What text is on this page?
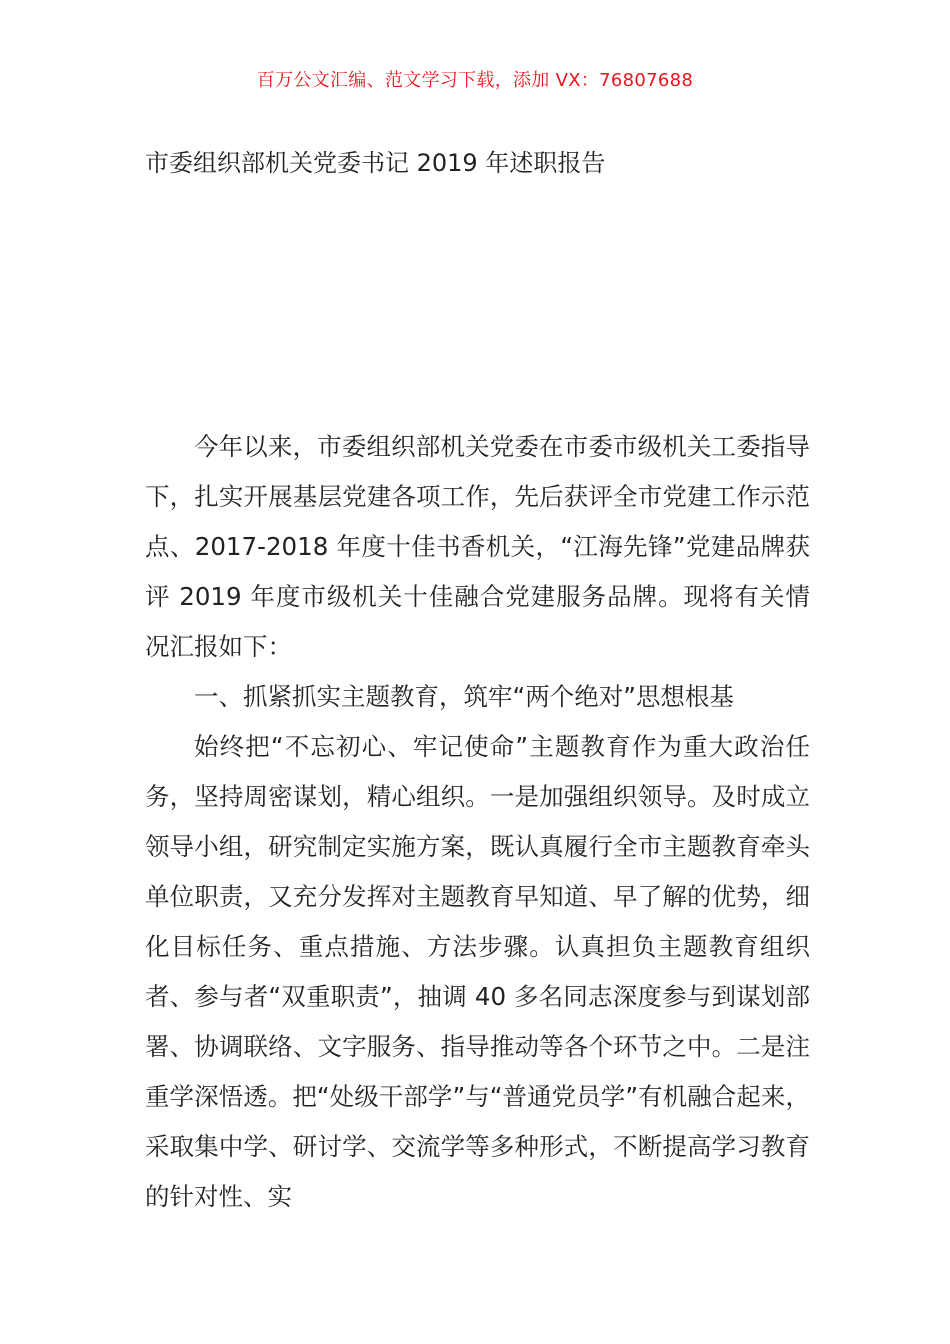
百万公文汇编、范文学习下载，添加 VX：76807688
市委组织部机关党委书记 2019 年述职报告

今年以来，市委组织部机关党委在市委市级机关工委指导下，扎实开展基层党建各项工作，先后获评全市党建工作示范点、2017-2018 年度十佳书香机关，“江海先锋”党建品牌获评 2019 年度市级机关十佳融合党建服务品牌。现将有关情况汇报如下：

一、抓紧抓实主题教育，筑牢“两个绝对”思想根基

始终把“不忘初心、牢记使命”主题教育作为重大政治任务，坚持周密谋划，精心组织。一是加强组织领导。及时成立领导小组，研究制定实施方案，既认真履行全市主题教育牵头单位职责，又充分发挥对主题教育早知道、早了解的优势，细化目标任务、重点措施、方法步骤。认真担负主题教育组织者、参与者“双重职责”，抽调 40 多名同志深度参与到谋划部署、协调联络、文字服务、指导推动等各个环节之中。二是注重学深悟透。把“处级干部学”与“普通党员学”有机融合起来，采取集中学、研讨学、交流学等多种形式，不断提高学习教育的针对性、实
